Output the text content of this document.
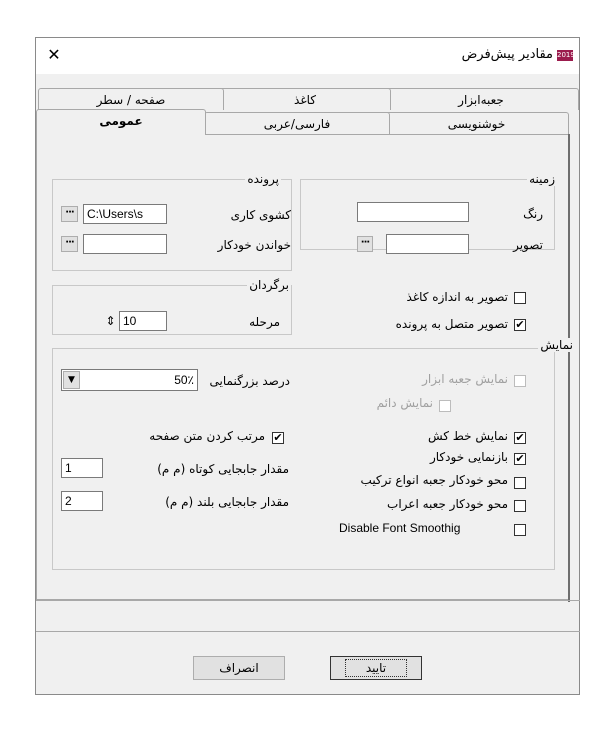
✕	مقادیر پیش‌فرض 2019
جعبه‌ابزار
کاغذ
صفحه / سطر
خوشنویسی
فارسی/عربی
عمومی
زمینه
رنگ
تصویر
···
تصویر به اندازه کاغذ
✔
تصویر متصل به پرونده
پرونده
کشوی کاری
C:\Users\s
···
خواندن خودکار
···
برگردان
مرحله
10
⇕
نمایش
نمایش جعبه ابزار
نمایش دائم
✔
نمایش خط کش
✔
بازنمایی خودکار
محو خودکار جعبه انواع ترکیب
محو خودکار جعبه اعراب
Disable Font Smoothig
درصد بزرگنمایی
50٪
▼
✔
مرتب کردن متن صفحه
مقدار جابجایی کوتاه (م م)
1
مقدار جابجایی بلند (م م)
2
تایید
انصراف
